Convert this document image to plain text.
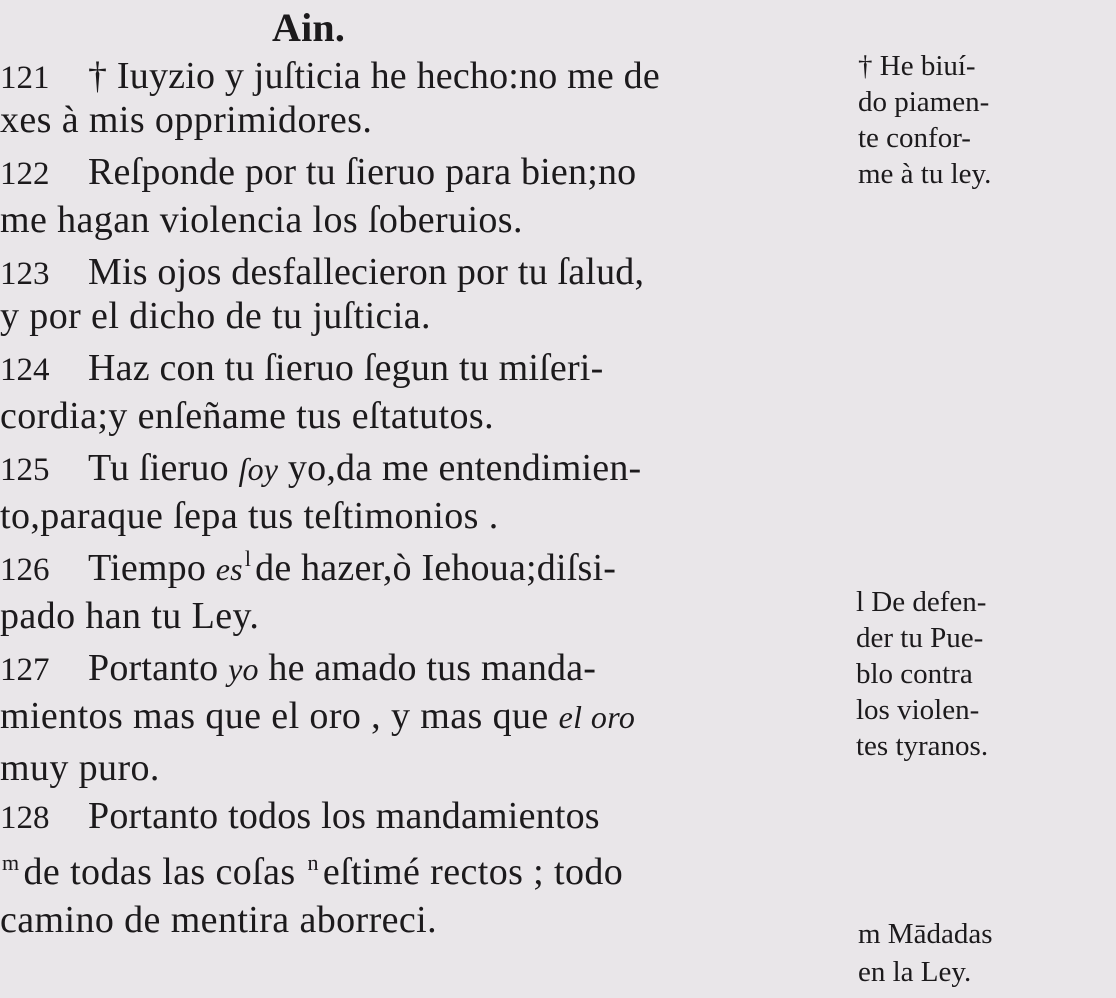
Ain.
121 † Iuyzio y juſticia he hecho:no me de
xes à mis opprimidores.
122 Reſponde por tu ſieruo para bien;no
me hagan violencia los ſoberuios.
123 Mis ojos desfallecieron por tu ſalud,
y por el dicho de tu juſticia.
124 Haz con tu ſieruo ſegun tu miſeri-
cordia;y enſeñame tus eſtatutos.
125 Tu ſieruo ſoy yo,da me entendimien-
to,paraque ſepa tus teſtimonios .
126 Tiempo $es^l$ de hazer,ò Iehoua;diſsi-
pado han tu Ley.
127 Portanto yo he amado tus manda-
mientos mas que el oro , y mas que el oro
muy puro.
128 Portanto todos los mandamientos
$^m$ de todas las coſas $^n$ eſtimé rectos ; todo
camino de mentira aborreci.
† He biuí-
do piamen-
te confor-
me à tu ley.
l De defen-
der tu Pue-
blo contra
los violen-
tes tyranos.
m Mādadas
en la Ley.
